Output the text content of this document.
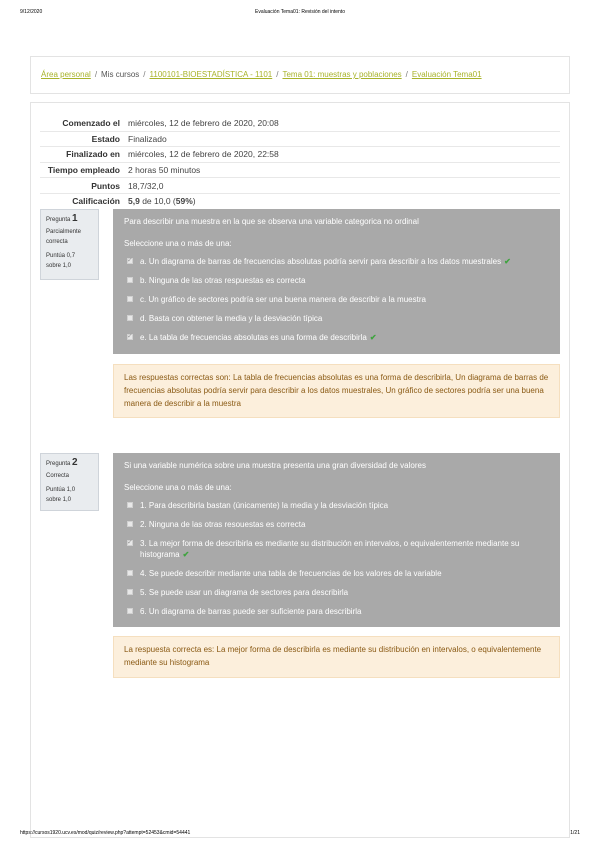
9/12/2020	Evaluación Tema01: Revisión del intento
Área personal / Mis cursos / 1100101-BIOESTADÍSTICA - 1101 / Tema 01: muestras y poblaciones / Evaluación Tema01
Comenzado el	miércoles, 12 de febrero de 2020, 20:08
Estado	Finalizado
Finalizado en	miércoles, 12 de febrero de 2020, 22:58
Tiempo empleado	2 horas 50 minutos
Puntos	18,7/32,0
Calificación	5,9 de 10,0 (59%)
Pregunta 1
Parcialmente correcta
Puntúa 0,7
sobre 1,0
Para describir una muestra en la que se observa una variable categorica no ordinal
Seleccione una o más de una:
✓
a. Un diagrama de barras de frecuencias absolutas podría servir para describir a los datos muestrales ✔
b. Ninguna de las otras respuestas es correcta
c. Un gráfico de sectores podría ser una buena manera de describir a la muestra
d. Basta con obtener la media y la desviación típica
✓
e. La tabla de frecuencias absolutas es una forma de describirla ✔
Las respuestas correctas son: La tabla de frecuencias absolutas es una forma de describirla, Un diagrama de barras de frecuencias absolutas podría servir para describir a los datos muestrales, Un gráfico de sectores podría ser una buena manera de describir a la muestra
Pregunta 2
Correcta
Puntúa 1,0
sobre 1,0
Si una variable numérica sobre una muestra presenta una gran diversidad de valores
Seleccione una o más de una:
1. Para describirla bastan (únicamente) la media y la desviación típica
2. Ninguna de las otras resouestas es correcta
✓
3. La mejor forma de describirla es mediante su distribución en intervalos, o equivalentemente mediante su histograma ✔
4. Se puede describir mediante una tabla de frecuencias de los valores de la variable
5. Se puede usar un diagrama de sectores para describirla
6. Un diagrama de barras puede ser suficiente para describirla
La respuesta correcta es: La mejor forma de describirla es mediante su distribución en intervalos, o equivalentemente mediante su histograma
https://cursos1920.ucv.es/mod/quiz/review.php?attempt=52453&cmid=54441	1/21
